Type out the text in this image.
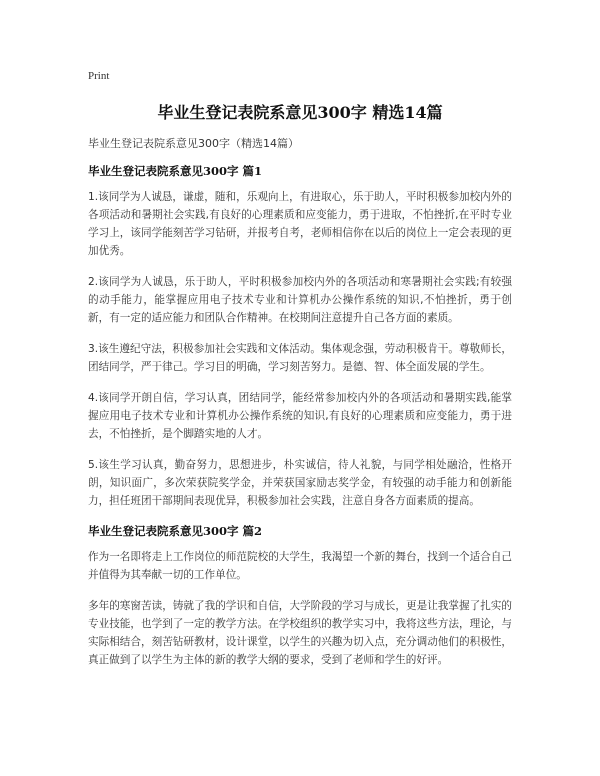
Print
毕业生登记表院系意见300字 精选14篇
毕业生登记表院系意见300字（精选14篇）
毕业生登记表院系意见300字 篇1

1.该同学为人诚恳，谦虚，随和，乐观向上，有进取心，乐于助人，平时积极参加校内外的各项活动和暑期社会实践,有良好的心理素质和应变能力，勇于进取，不怕挫折,在平时专业学习上，该同学能刻苦学习钻研，并报考自考，老师相信你在以后的岗位上一定会表现的更加优秀。

2.该同学为人诚恳，乐于助人，平时积极参加校内外的各项活动和寒暑期社会实践;有较强的动手能力，能掌握应用电子技术专业和计算机办公操作系统的知识,不怕挫折，勇于创新，有一定的适应能力和团队合作精神。在校期间注意提升自己各方面的素质。

3.该生遵纪守法，积极参加社会实践和文体活动。集体观念强，劳动积极肯干。尊敬师长，团结同学，严于律己。学习目的明确，学习刻苦努力。是德、智、体全面发展的学生。

4.该同学开朗自信，学习认真，团结同学，能经常参加校内外的各项活动和暑期实践,能掌握应用电子技术专业和计算机办公操作系统的知识,有良好的心理素质和应变能力，勇于进去，不怕挫折，是个脚踏实地的人才。

5.该生学习认真，勤奋努力，思想进步，朴实诚信，待人礼貌，与同学相处融洽，性格开朗，知识面广，多次荣获院奖学金，并荣获国家励志奖学金，有较强的动手能力和创新能力，担任班团干部期间表现优异，积极参加社会实践，注意自身各方面素质的提高。

毕业生登记表院系意见300字 篇2

作为一名即将走上工作岗位的师范院校的大学生，我渴望一个新的舞台，找到一个适合自己并值得为其奉献一切的工作单位。

多年的寒窗苦读，铸就了我的学识和自信，大学阶段的学习与成长，更是让我掌握了扎实的专业技能，也学到了一定的教学方法。在学校组织的教学实习中，我将这些方法，理论，与实际相结合，刻苦钻研教材，设计课堂，以学生的兴趣为切入点，充分调动他们的积极性，真正做到了以学生为主体的新的教学大纲的要求，受到了老师和学生的好评。
